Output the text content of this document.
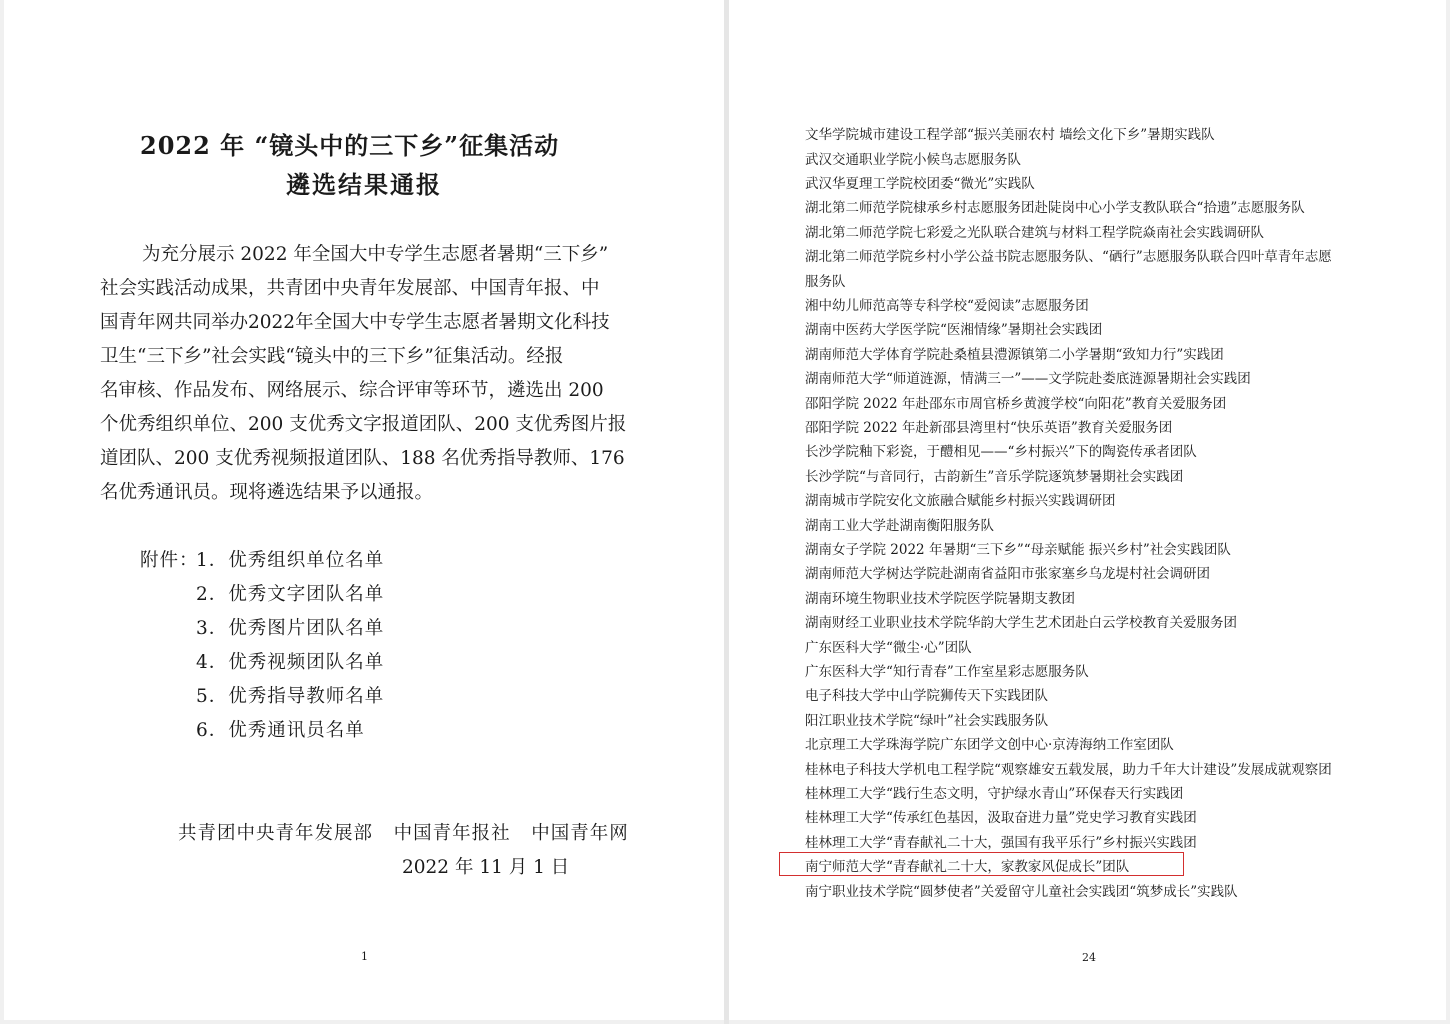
2022 年 “镜头中的三下乡”征集活动
遴选结果通报
为充分展示 2022 年全国大中专学生志愿者暑期“三下乡”
社会实践活动成果，共青团中央青年发展部、中国青年报、中
国青年网共同举办2022年全国大中专学生志愿者暑期文化科技
卫生“三下乡”社会实践“镜头中的三下乡”征集活动。经报
名审核、作品发布、网络展示、综合评审等环节，遴选出 200
个优秀组织单位、200 支优秀文字报道团队、200 支优秀图片报
道团队、200 支优秀视频报道团队、188 名优秀指导教师、176
名优秀通讯员。现将遴选结果予以通报。
附件：
1．优秀组织单位名单
2．优秀文字团队名单
3．优秀图片团队名单
4．优秀视频团队名单
5．优秀指导教师名单
6．优秀通讯员名单
共青团中央青年发展部   中国青年报社   中国青年网
2022 年 11 月 1 日
1
文华学院城市建设工程学部“振兴美丽农村 墙绘文化下乡”暑期实践队
武汉交通职业学院小候鸟志愿服务队
武汉华夏理工学院校团委“微光”实践队
湖北第二师范学院棣承乡村志愿服务团赴陡岗中心小学支教队联合“拾遗”志愿服务队
湖北第二师范学院七彩爱之光队联合建筑与材料工程学院焱南社会实践调研队
湖北第二师范学院乡村小学公益书院志愿服务队、“硒行”志愿服务队联合四叶草青年志愿
服务队
湘中幼儿师范高等专科学校“爱阅读”志愿服务团
湖南中医药大学医学院“医湘情缘”暑期社会实践团
湖南师范大学体育学院赴桑植县澧源镇第二小学暑期“致知力行”实践团
湖南师范大学“师道涟源，情满三一”——文学院赴娄底涟源暑期社会实践团
邵阳学院 2022 年赴邵东市周官桥乡黄渡学校“向阳花”教育关爱服务团
邵阳学院 2022 年赴新邵县湾里村“快乐英语”教育关爱服务团
长沙学院釉下彩瓷，于醴相见——“乡村振兴”下的陶瓷传承者团队
长沙学院“与音同行，古韵新生”音乐学院逐筑梦暑期社会实践团
湖南城市学院安化文旅融合赋能乡村振兴实践调研团
湖南工业大学赴湖南衡阳服务队
湖南女子学院 2022 年暑期“三下乡”“母亲赋能 振兴乡村”社会实践团队
湖南师范大学树达学院赴湖南省益阳市张家塞乡乌龙堤村社会调研团
湖南环境生物职业技术学院医学院暑期支教团
湖南财经工业职业技术学院华韵大学生艺术团赴白云学校教育关爱服务团
广东医科大学“微尘·心”团队
广东医科大学“知行青春”工作室星彩志愿服务队
电子科技大学中山学院狮传天下实践团队
阳江职业技术学院“绿叶”社会实践服务队
北京理工大学珠海学院广东团学文创中心·京涛海纳工作室团队
桂林电子科技大学机电工程学院“观察雄安五载发展，助力千年大计建设”发展成就观察团
桂林理工大学“践行生态文明，守护绿水青山”环保春天行实践团
桂林理工大学“传承红色基因，汲取奋进力量”党史学习教育实践团
桂林理工大学“青春献礼二十大，强国有我平乐行”乡村振兴实践团
南宁师范大学“青春献礼二十大，家教家风促成长”团队
南宁职业技术学院“圆梦使者”关爱留守儿童社会实践团“筑梦成长”实践队
24
